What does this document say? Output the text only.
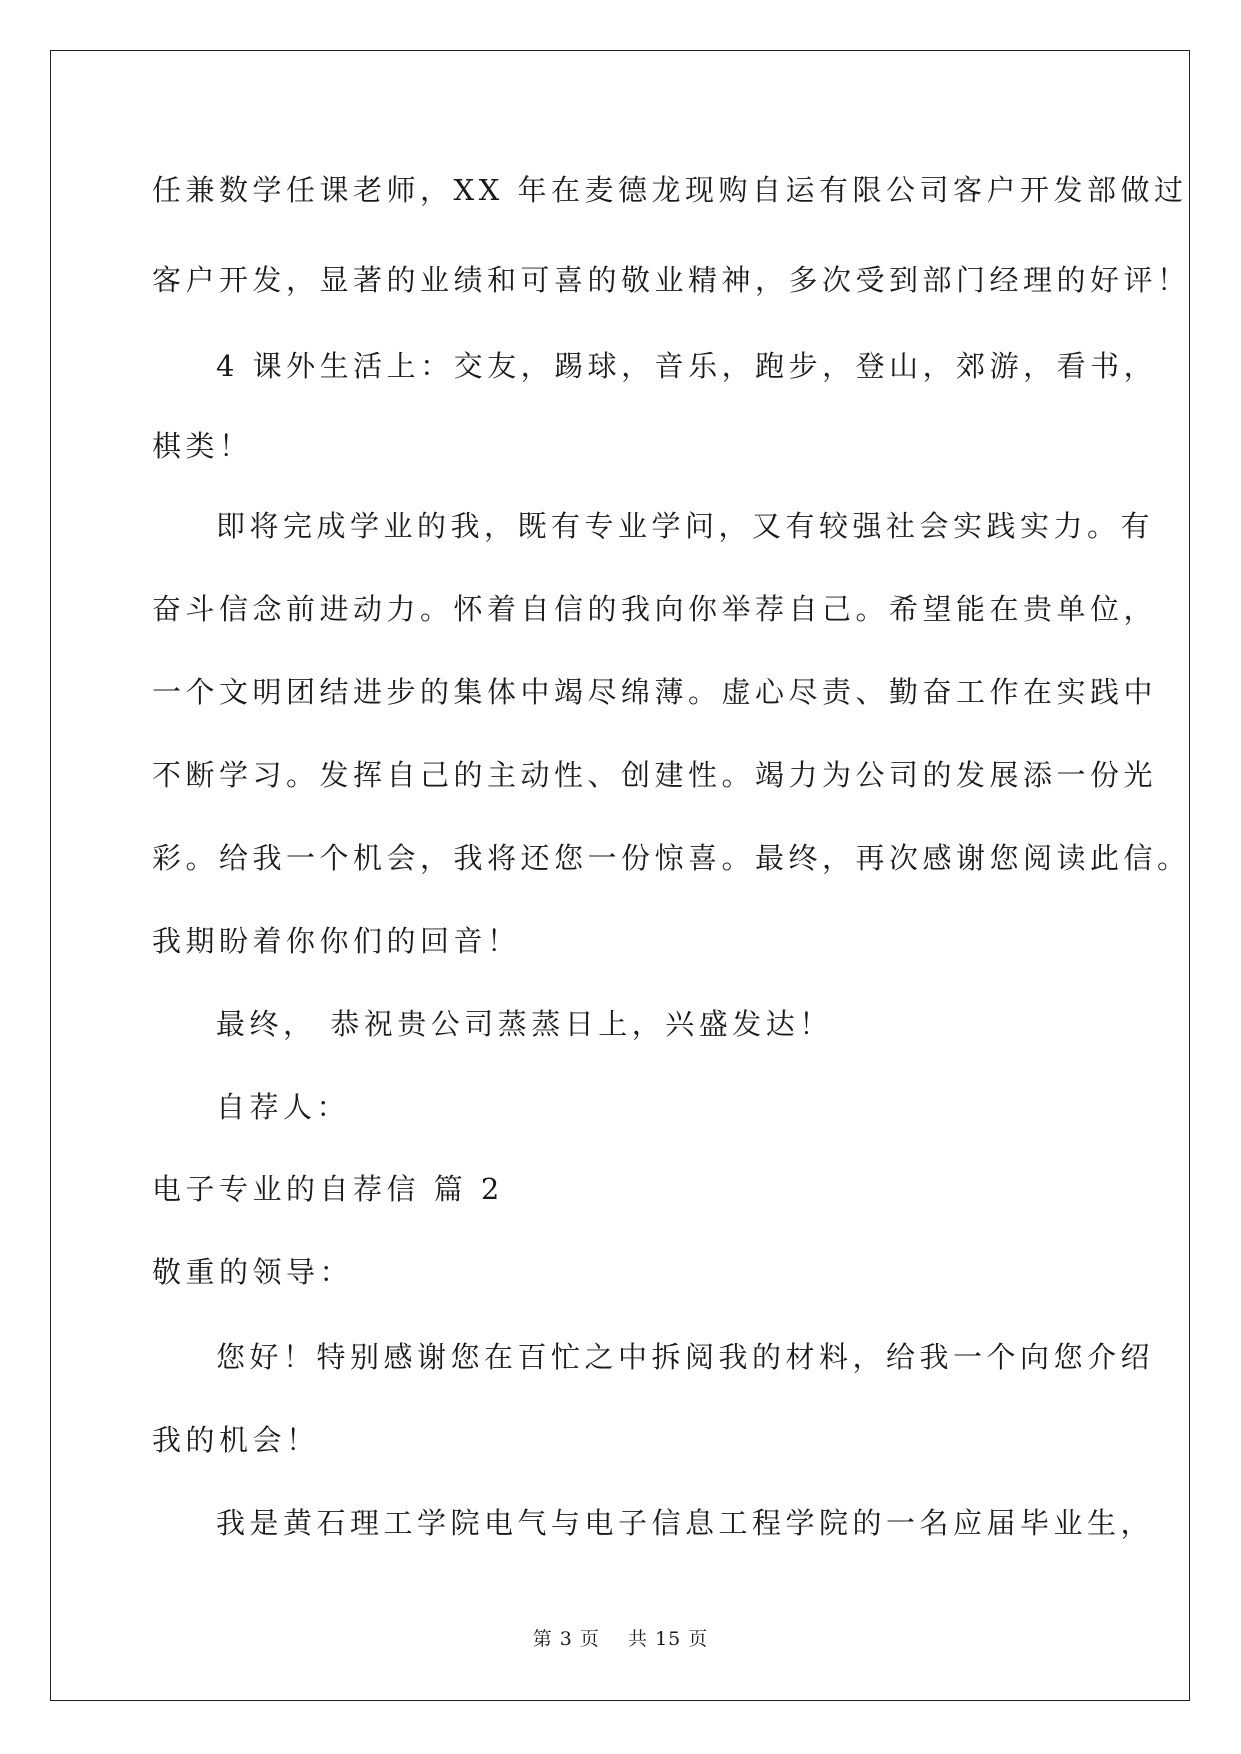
任兼数学任课老师，XX 年在麦德龙现购自运有限公司客户开发部做过
客户开发，显著的业绩和可喜的敬业精神，多次受到部门经理的好评！
4 课外生活上：交友，踢球，音乐，跑步，登山，郊游，看书，
棋类！
即将完成学业的我，既有专业学问，又有较强社会实践实力。有
奋斗信念前进动力。怀着自信的我向你举荐自己。希望能在贵单位，
一个文明团结进步的集体中竭尽绵薄。虚心尽责、勤奋工作在实践中
不断学习。发挥自己的主动性、创建性。竭力为公司的发展添一份光
彩。给我一个机会，我将还您一份惊喜。最终，再次感谢您阅读此信。
我期盼着你你们的回音！
最终， 恭祝贵公司蒸蒸日上，兴盛发达！
自荐人：
电子专业的自荐信 篇 2
敬重的领导：
您好！特别感谢您在百忙之中拆阅我的材料，给我一个向您介绍
我的机会！
我是黄石理工学院电气与电子信息工程学院的一名应届毕业生，
第 3 页    共 15 页
